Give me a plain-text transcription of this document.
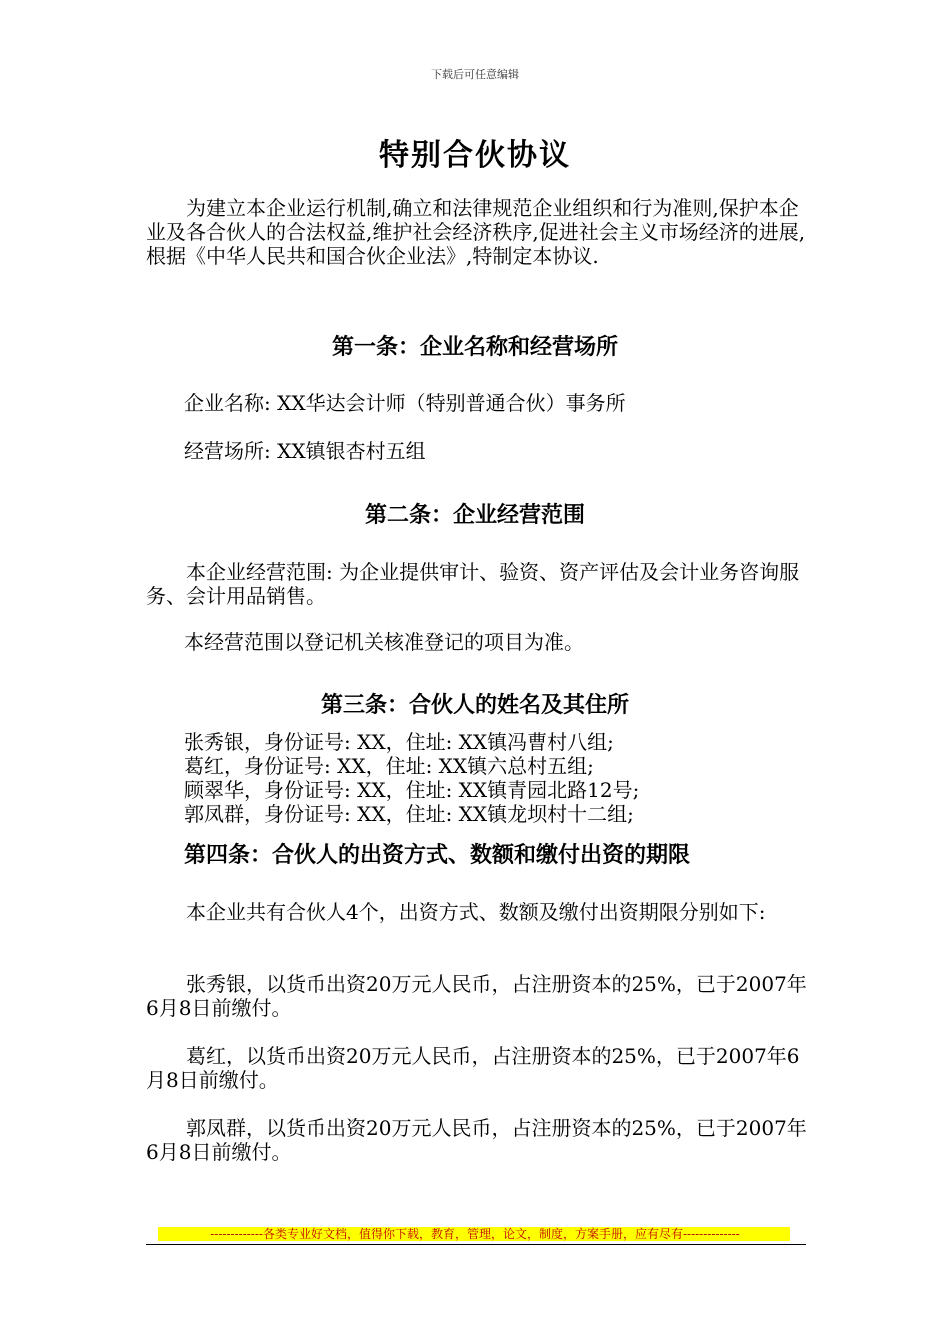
下载后可任意编辑
特别合伙协议
为建立本企业运行机制,确立和法律规范企业组织和行为准则,保护本企业及各合伙人的合法权益,维护社会经济秩序,促进社会主义市场经济的进展,根据《中华人民共和国合伙企业法》,特制定本协议.
第一条：企业名称和经营场所
企业名称: XX华达会计师（特别普通合伙）事务所
经营场所: XX镇银杏村五组
第二条：企业经营范围
本企业经营范围: 为企业提供审计、验资、资产评估及会计业务咨询服务、会计用品销售。
本经营范围以登记机关核准登记的项目为准。
第三条：合伙人的姓名及其住所
张秀银，身份证号: XX，住址: XX镇冯曹村八组;
葛红，身份证号: XX，住址: XX镇六总村五组;
顾翠华，身份证号: XX，住址: XX镇青园北路12号;
郭凤群，身份证号: XX，住址: XX镇龙坝村十二组;
第四条：合伙人的出资方式、数额和缴付出资的期限
本企业共有合伙人4个，出资方式、数额及缴付出资期限分别如下:
张秀银，以货币出资20万元人民币，占注册资本的25%，已于2007年6月8日前缴付。
葛红，以货币出资20万元人民币，占注册资本的25%，已于2007年6月8日前缴付。
郭凤群，以货币出资20万元人民币，占注册资本的25%，已于2007年6月8日前缴付。
-------------各类专业好文档，值得你下载，教育，管理，论文，制度，方案手册，应有尽有--------------
